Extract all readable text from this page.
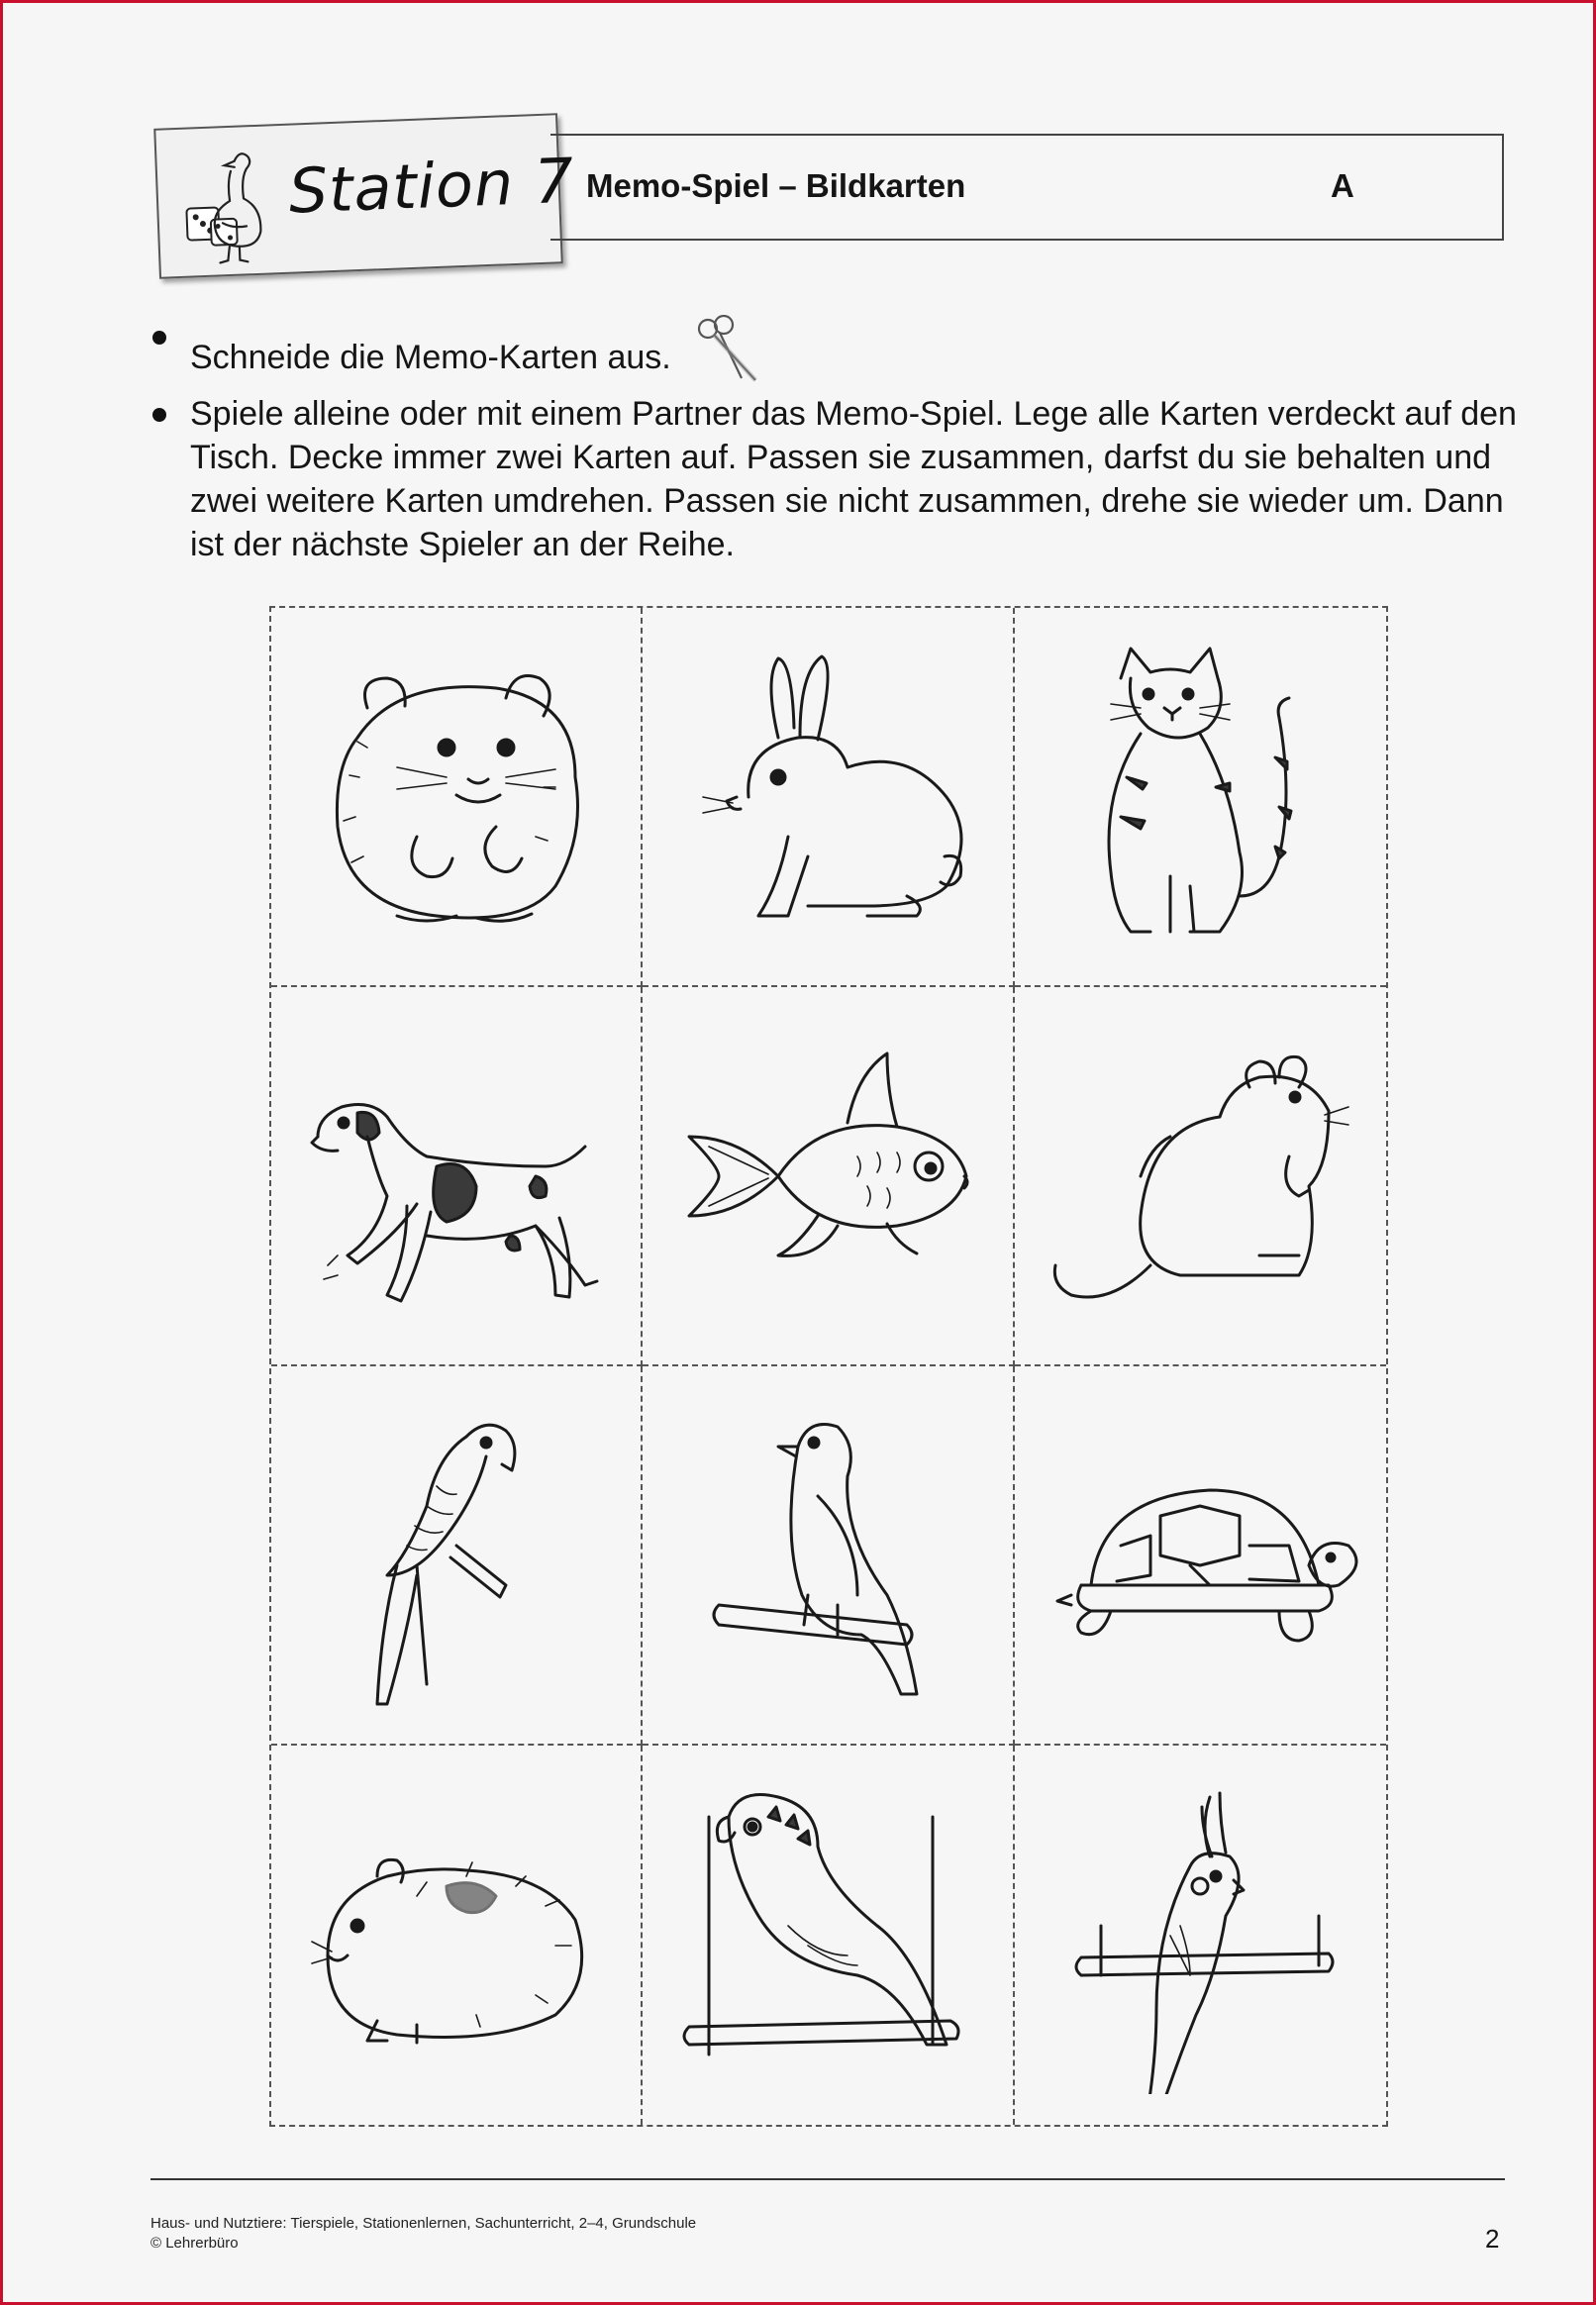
Station 7 Memo-Spiel – Bildkarten	A
Schneide die Memo-Karten aus.
Spiele alleine oder mit einem Partner das Memo-Spiel. Lege alle Karten verdeckt auf den Tisch. Decke immer zwei Karten auf. Passen sie zusammen, darfst du sie behalten und zwei weitere Karten umdrehen. Passen sie nicht zusammen, drehe sie wieder um. Dann ist der nächste Spieler an der Reihe.
Haus- und Nutztiere: Tierspiele, Stationenlernen, Sachunterricht, 2–4, Grundschule
© Lehrerbüro	2
